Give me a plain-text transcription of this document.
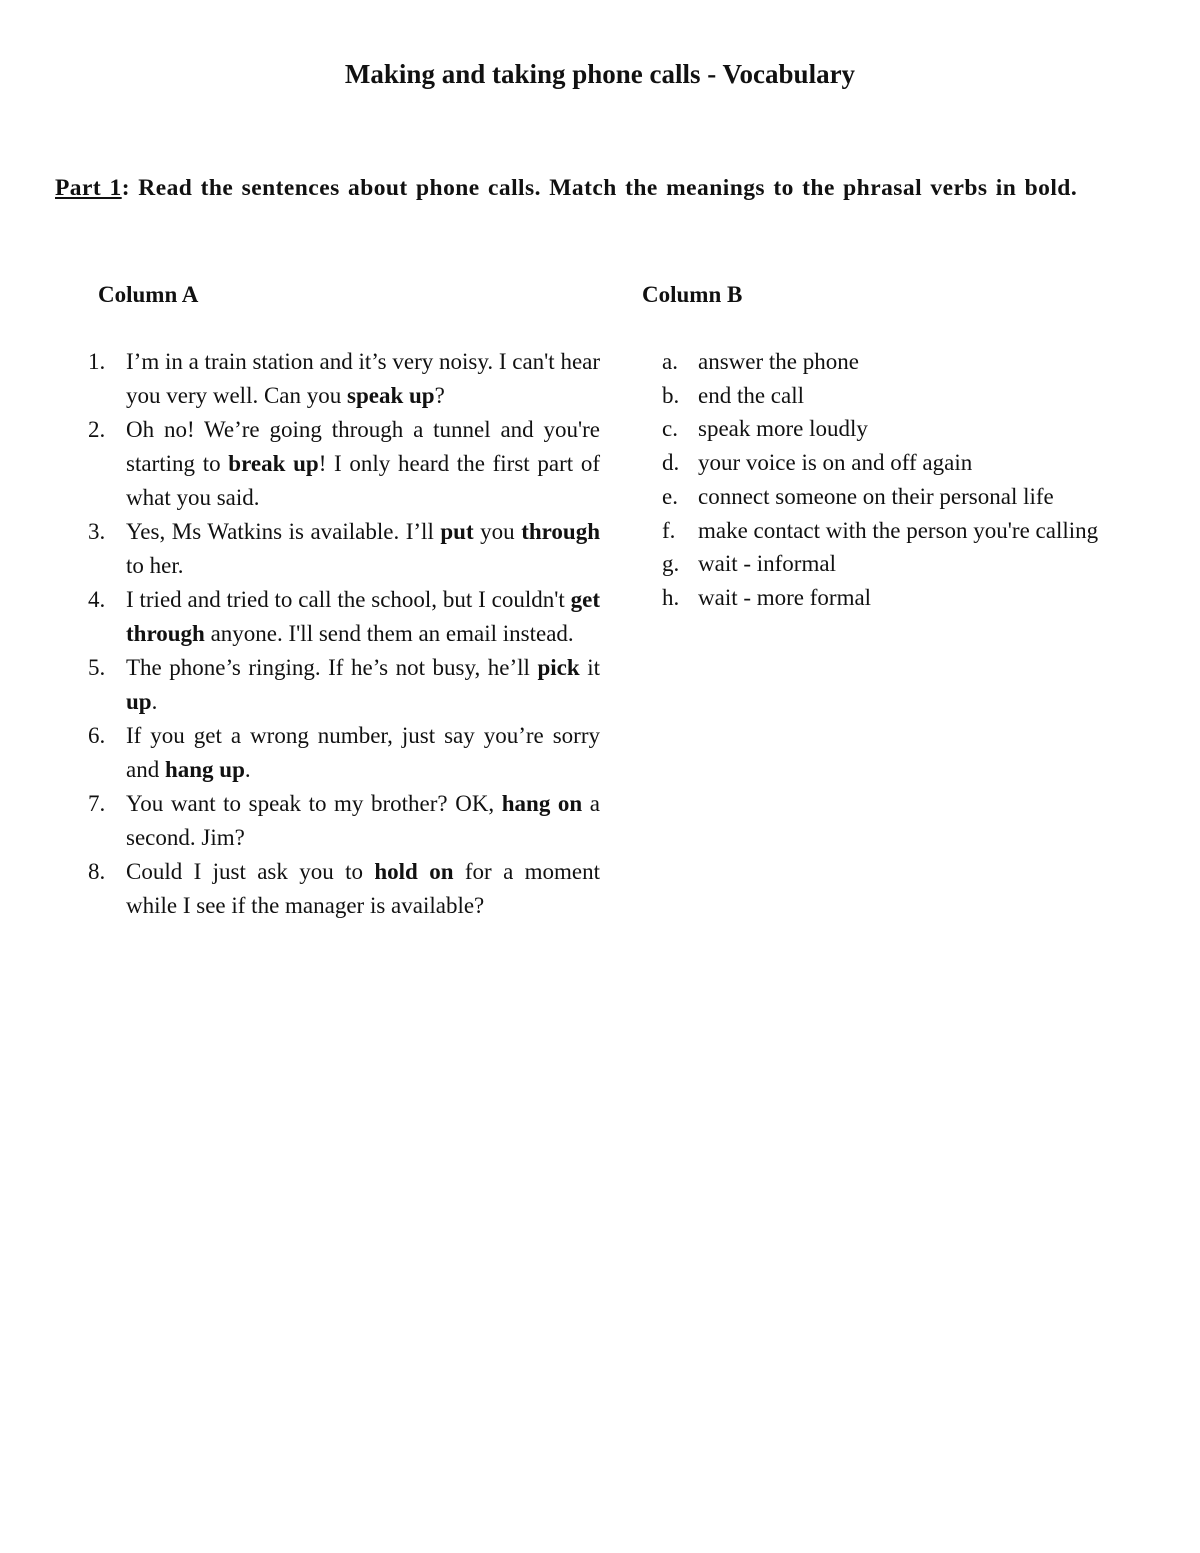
Making and taking phone calls - Vocabulary
Part 1: Read the sentences about phone calls. Match the meanings to the phrasal verbs in bold.
Column A	Column B
1. I’m in a train station and it’s very noisy. I can't hear you very well. Can you speak up?
2. Oh no! We’re going through a tunnel and you're starting to break up! I only heard the first part of what you said.
3. Yes, Ms Watkins is available. I’ll put you through to her.
4. I tried and tried to call the school, but I couldn't get through anyone. I'll send them an email instead.
5. The phone’s ringing. If he’s not busy, he’ll pick it up.
6. If you get a wrong number, just say you’re sorry and hang up.
7. You want to speak to my brother? OK, hang on a second. Jim?
8. Could I just ask you to hold on for a moment while I see if the manager is available?
a. answer the phone
b. end the call
c. speak more loudly
d. your voice is on and off again
e. connect someone on their personal life
f. make contact with the person you're calling
g. wait - informal
h. wait - more formal
